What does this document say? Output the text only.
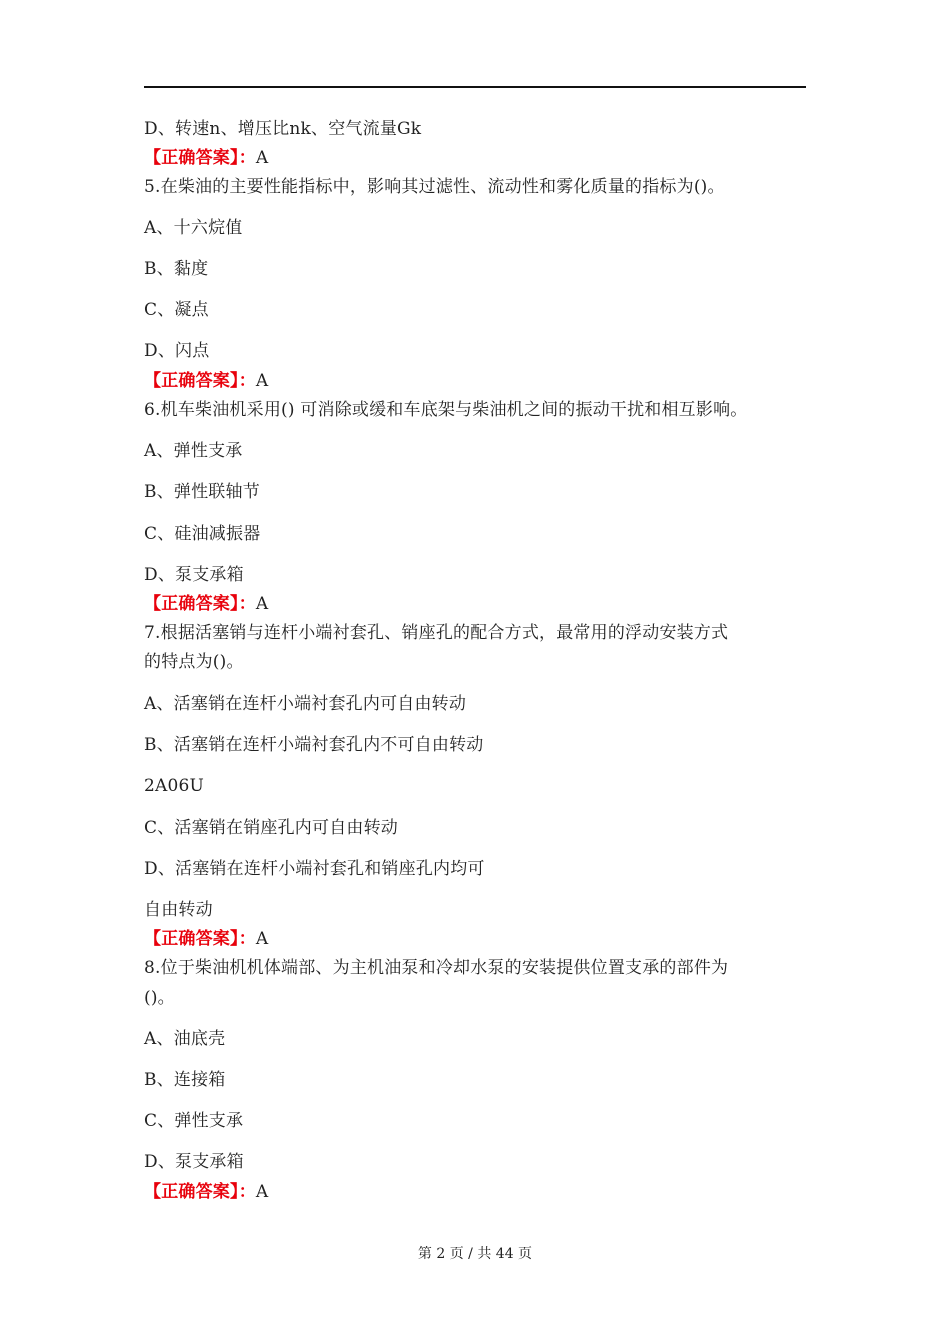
D、转速n、增压比nk、空气流量Gk
【正确答案】：A
5.在柴油的主要性能指标中，影响其过滤性、流动性和雾化质量的指标为()。
A、十六烷值
B、黏度
C、凝点
D、闪点
【正确答案】：A
6.机车柴油机采用() 可消除或缓和车底架与柴油机之间的振动干扰和相互影响。
A、弹性支承
B、弹性联轴节
C、硅油减振器
D、泵支承箱
【正确答案】：A
7.根据活塞销与连杆小端衬套孔、销座孔的配合方式，最常用的浮动安装方式
的特点为()。
A、活塞销在连杆小端衬套孔内可自由转动
B、活塞销在连杆小端衬套孔内不可自由转动
2A06U
C、活塞销在销座孔内可自由转动
D、活塞销在连杆小端衬套孔和销座孔内均可
自由转动
【正确答案】：A
8.位于柴油机机体端部、为主机油泵和冷却水泵的安装提供位置支承的部件为
()。
A、油底壳
B、连接箱
C、弹性支承
D、泵支承箱
【正确答案】：A
第 2 页 / 共 44 页
